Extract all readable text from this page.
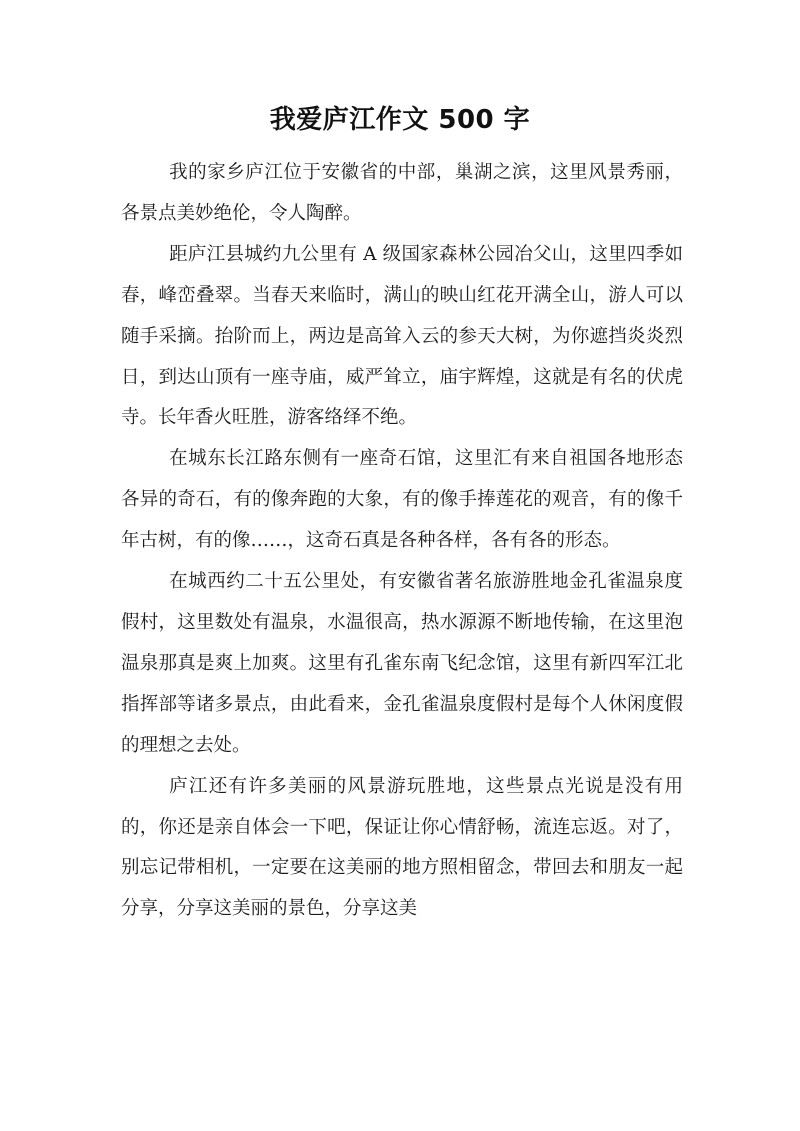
我爱庐江作文 500 字

我的家乡庐江位于安徽省的中部，巢湖之滨，这里风景秀丽，各景点美妙绝伦，令人陶醉。

距庐江县城约九公里有 A 级国家森林公园冶父山，这里四季如春，峰峦叠翠。当春天来临时，满山的映山红花开满全山，游人可以随手采摘。抬阶而上，两边是高耸入云的参天大树，为你遮挡炎炎烈日，到达山顶有一座寺庙，威严耸立，庙宇辉煌，这就是有名的伏虎寺。长年香火旺胜，游客络绎不绝。

在城东长江路东侧有一座奇石馆，这里汇有来自祖国各地形态各异的奇石，有的像奔跑的大象，有的像手捧莲花的观音，有的像千年古树，有的像……，这奇石真是各种各样，各有各的形态。

在城西约二十五公里处，有安徽省著名旅游胜地金孔雀温泉度假村，这里数处有温泉，水温很高，热水源源不断地传输，在这里泡温泉那真是爽上加爽。这里有孔雀东南飞纪念馆，这里有新四军江北指挥部等诸多景点，由此看来，金孔雀温泉度假村是每个人休闲度假的理想之去处。

庐江还有许多美丽的风景游玩胜地，这些景点光说是没有用的，你还是亲自体会一下吧，保证让你心情舒畅，流连忘返。对了，别忘记带相机，一定要在这美丽的地方照相留念，带回去和朋友一起分享，分享这美丽的景色，分享这美
